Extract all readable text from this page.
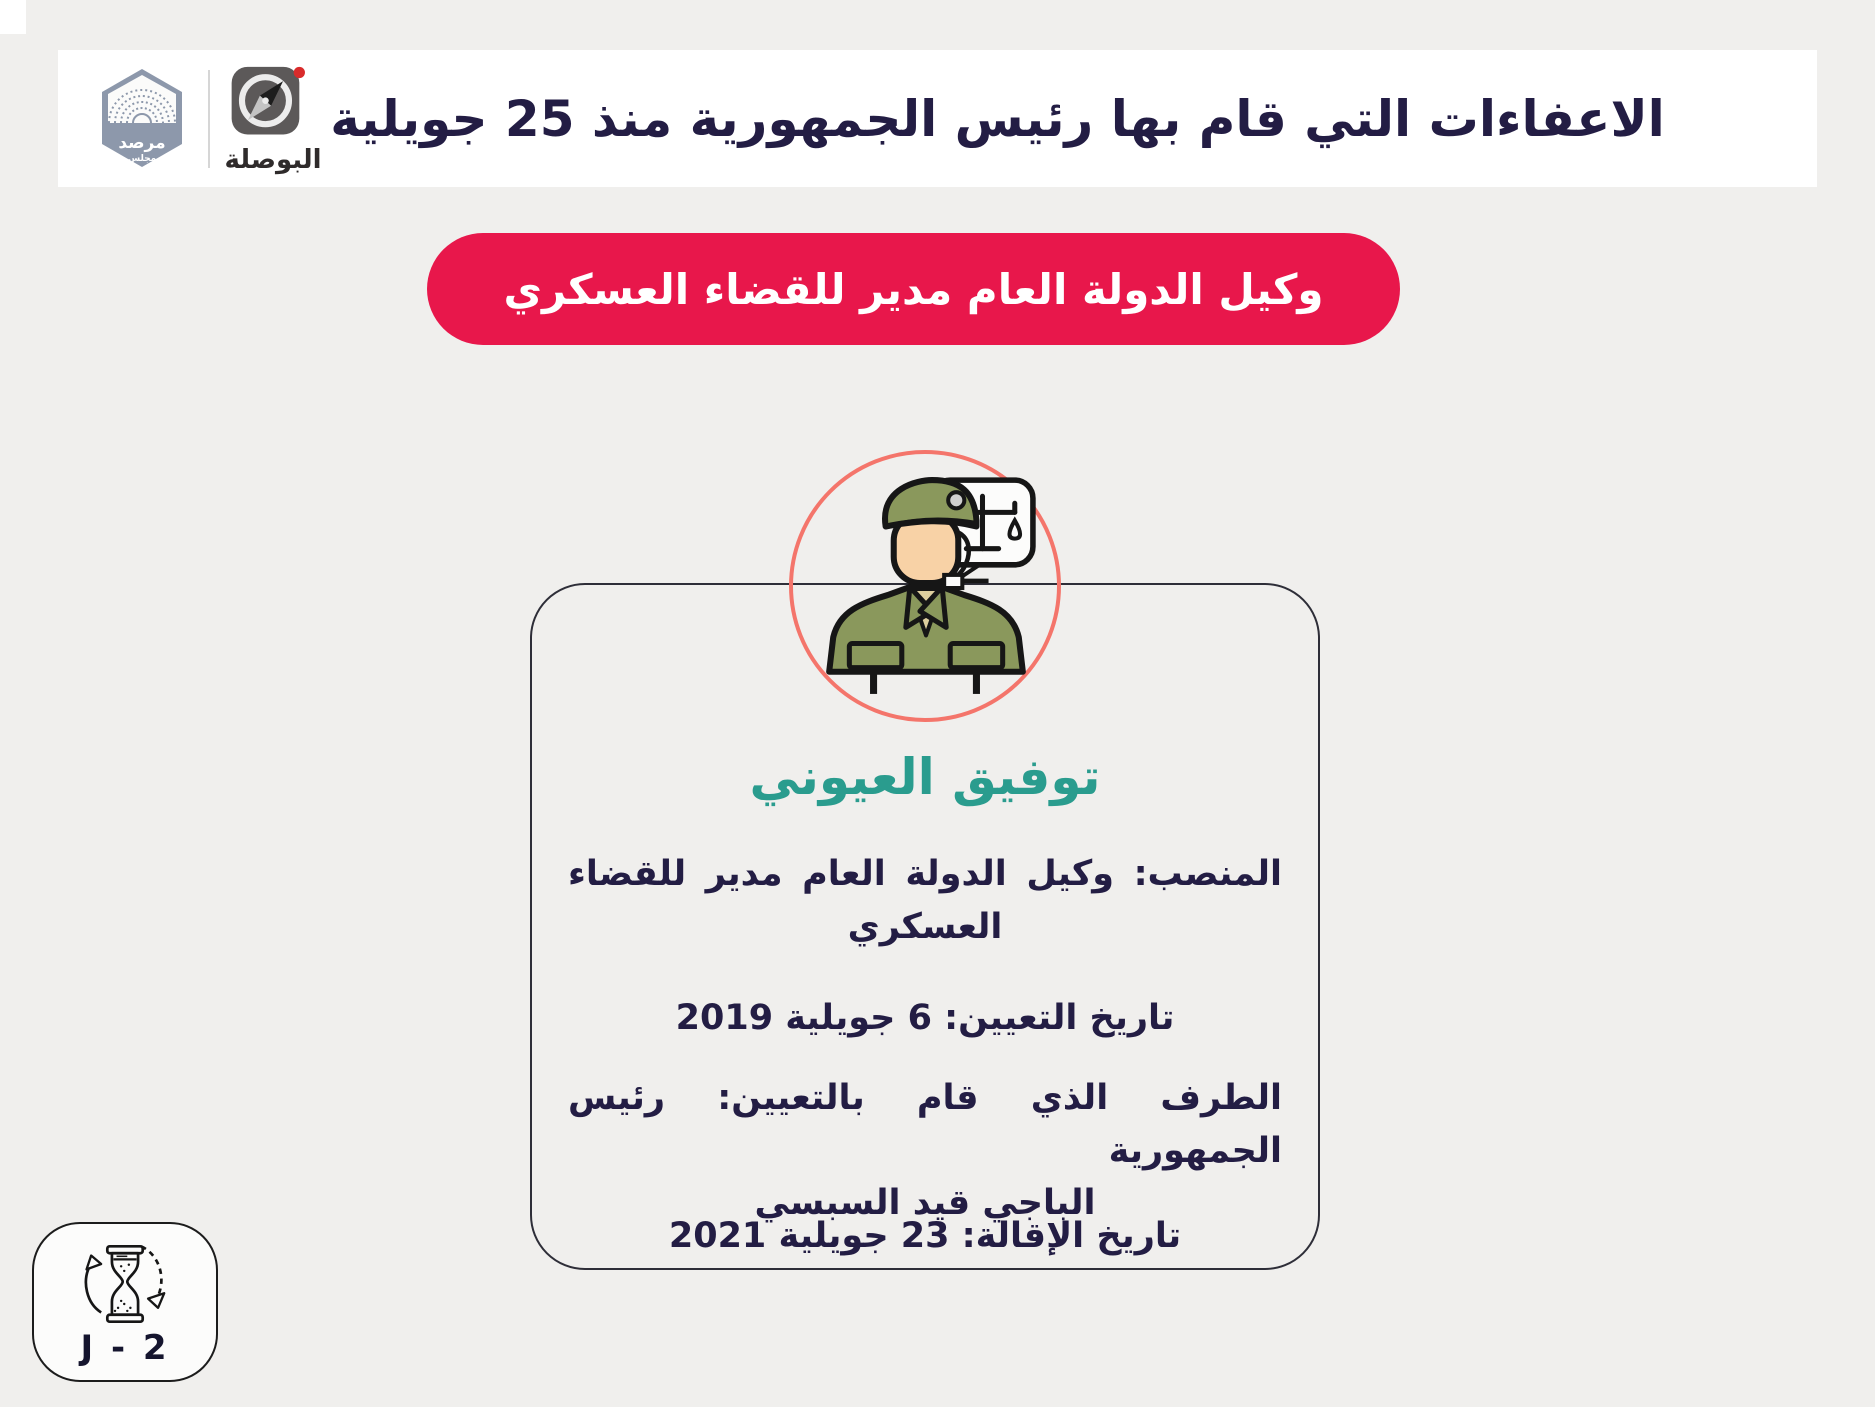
مرصد
مجلس	البوصلة
الاعفاءات التي قام بها رئيس الجمهورية منذ 25 جويلية
وكيل الدولة العام مدير للقضاء العسكري
توفيق العيوني
المنصب: وكيل الدولة العام مدير للقضاء
العسكري
تاريخ التعيين: 6 جويلية 2019
الطرف الذي قام بالتعيين: رئيس الجمهورية
الباجي قيد السبسي
تاريخ الإقالة: 23 جويلية 2021
J - 2
